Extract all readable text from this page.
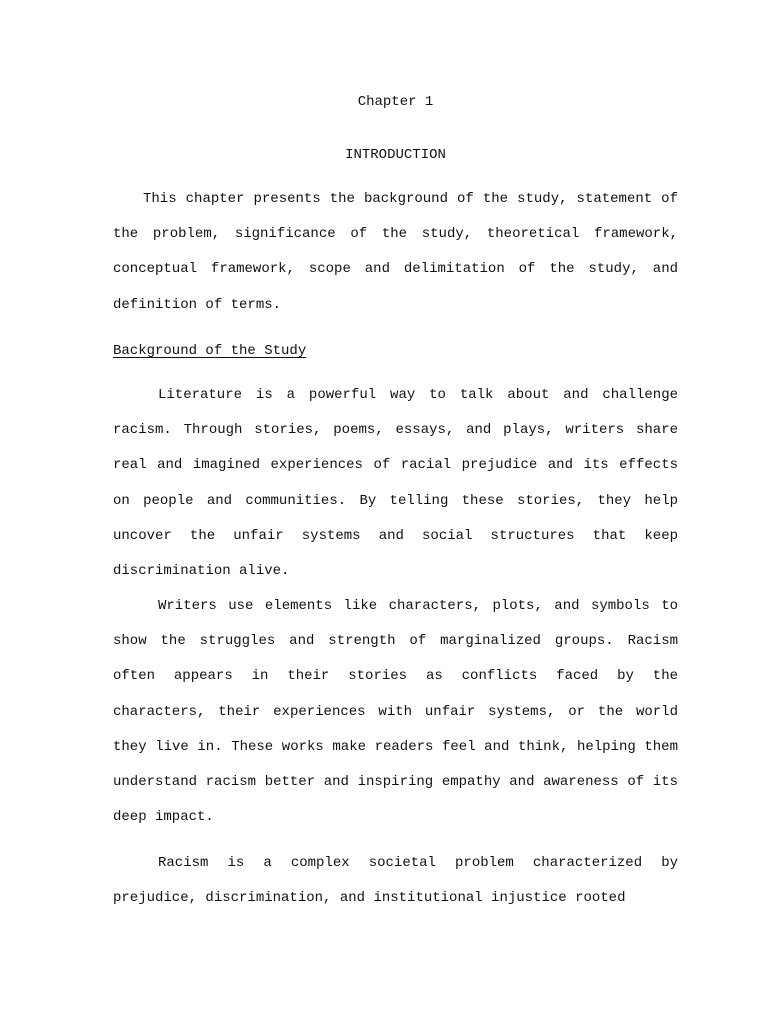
Chapter 1

INTRODUCTION

This chapter presents the background of the study, statement of the problem, significance of the study, theoretical framework, conceptual framework, scope and delimitation of the study, and definition of terms.

Background of the Study

Literature is a powerful way to talk about and challenge racism. Through stories, poems, essays, and plays, writers share real and imagined experiences of racial prejudice and its effects on people and communities. By telling these stories, they help uncover the unfair systems and social structures that keep discrimination alive.

Writers use elements like characters, plots, and symbols to show the struggles and strength of marginalized groups. Racism often appears in their stories as conflicts faced by the characters, their experiences with unfair systems, or the world they live in. These works make readers feel and think, helping them understand racism better and inspiring empathy and awareness of its deep impact.

Racism is a complex societal problem characterized by prejudice, discrimination, and institutional injustice rooted
